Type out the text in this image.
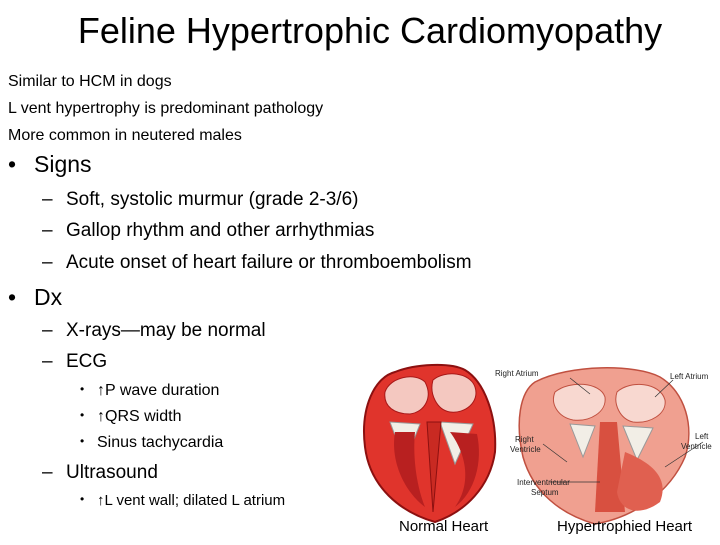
Feline Hypertrophic Cardiomyopathy
Similar to HCM in dogs
L vent hypertrophy is predominant pathology
More common in neutered males
• Signs
– Soft, systolic murmur (grade 2-3/6)
– Gallop rhythm and other arrhythmias
– Acute onset of heart failure or thromboembolism
• Dx
– X-rays—may be normal
– ECG
• ↑P wave duration
• ↑QRS width
• Sinus tachycardia
– Ultrasound
• ↑L vent wall; dilated L atrium
Right Atrium	Left Atrium
Right
Ventricle
Left
Ventricle
Interventricular
Septum
Normal Heart	Hypertrophied Heart
